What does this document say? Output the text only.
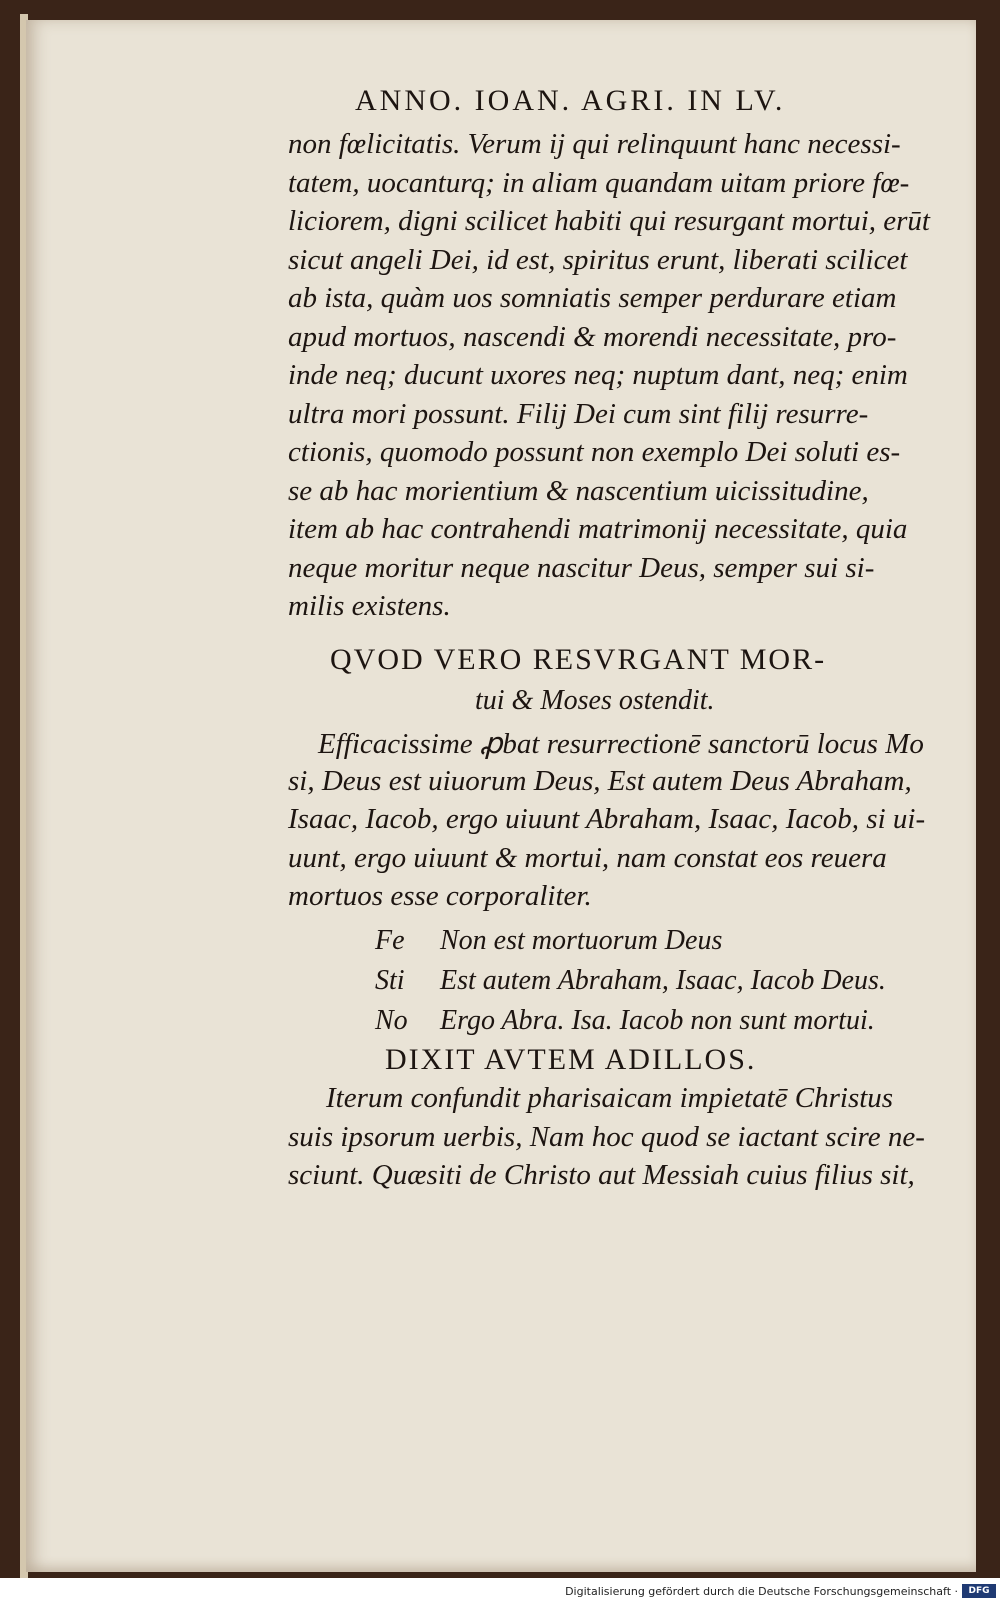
ANNO. IOAN. AGRI. IN LV.
non fœlicitatis. Verum ij qui relinquunt hanc necessi-
tatem, uocanturq; in aliam quandam uitam priore fœ-
liciorem, digni scilicet habiti qui resurgant mortui, erūt
sicut angeli Dei, id est, spiritus erunt, liberati scilicet
ab ista, quàm uos somniatis semper perdurare etiam
apud mortuos, nascendi & morendi necessitate, pro-
inde neq; ducunt uxores neq; nuptum dant, neq; enim
ultra mori possunt. Filij Dei cum sint filij resurre-
ctionis, quomodo possunt non exemplo Dei soluti es-
se ab hac morientium & nascentium uicissitudine,
item ab hac contrahendi matrimonij necessitate, quia
neque moritur neque nascitur Deus, semper sui si-
milis existens.
QVOD VERO RESVRGANT MOR-
tui & Moses ostendit.
Efficacissime ꝓbat resurrectionē sanctorū locus Mo
si, Deus est uiuorum Deus, Est autem Deus Abraham,
Isaac, Iacob, ergo uiuunt Abraham, Isaac, Iacob, si ui-
uunt, ergo uiuunt & mortui, nam constat eos reuera
mortuos esse corporaliter.
Fe Non est mortuorum Deus
Sti Est autem Abraham, Isaac, Iacob Deus.
No Ergo Abra. Isa. Iacob non sunt mortui.
DIXIT AVTEM ADILLOS.
Iterum confundit pharisaicam impietatē Christus
suis ipsorum uerbis, Nam hoc quod se iactant scire ne-
sciunt. Quæsiti de Christo aut Messiah cuius filius sit,
Digitalisierung gefördert durch die Deutsche Forschungsgemeinschaft ·	DFG
